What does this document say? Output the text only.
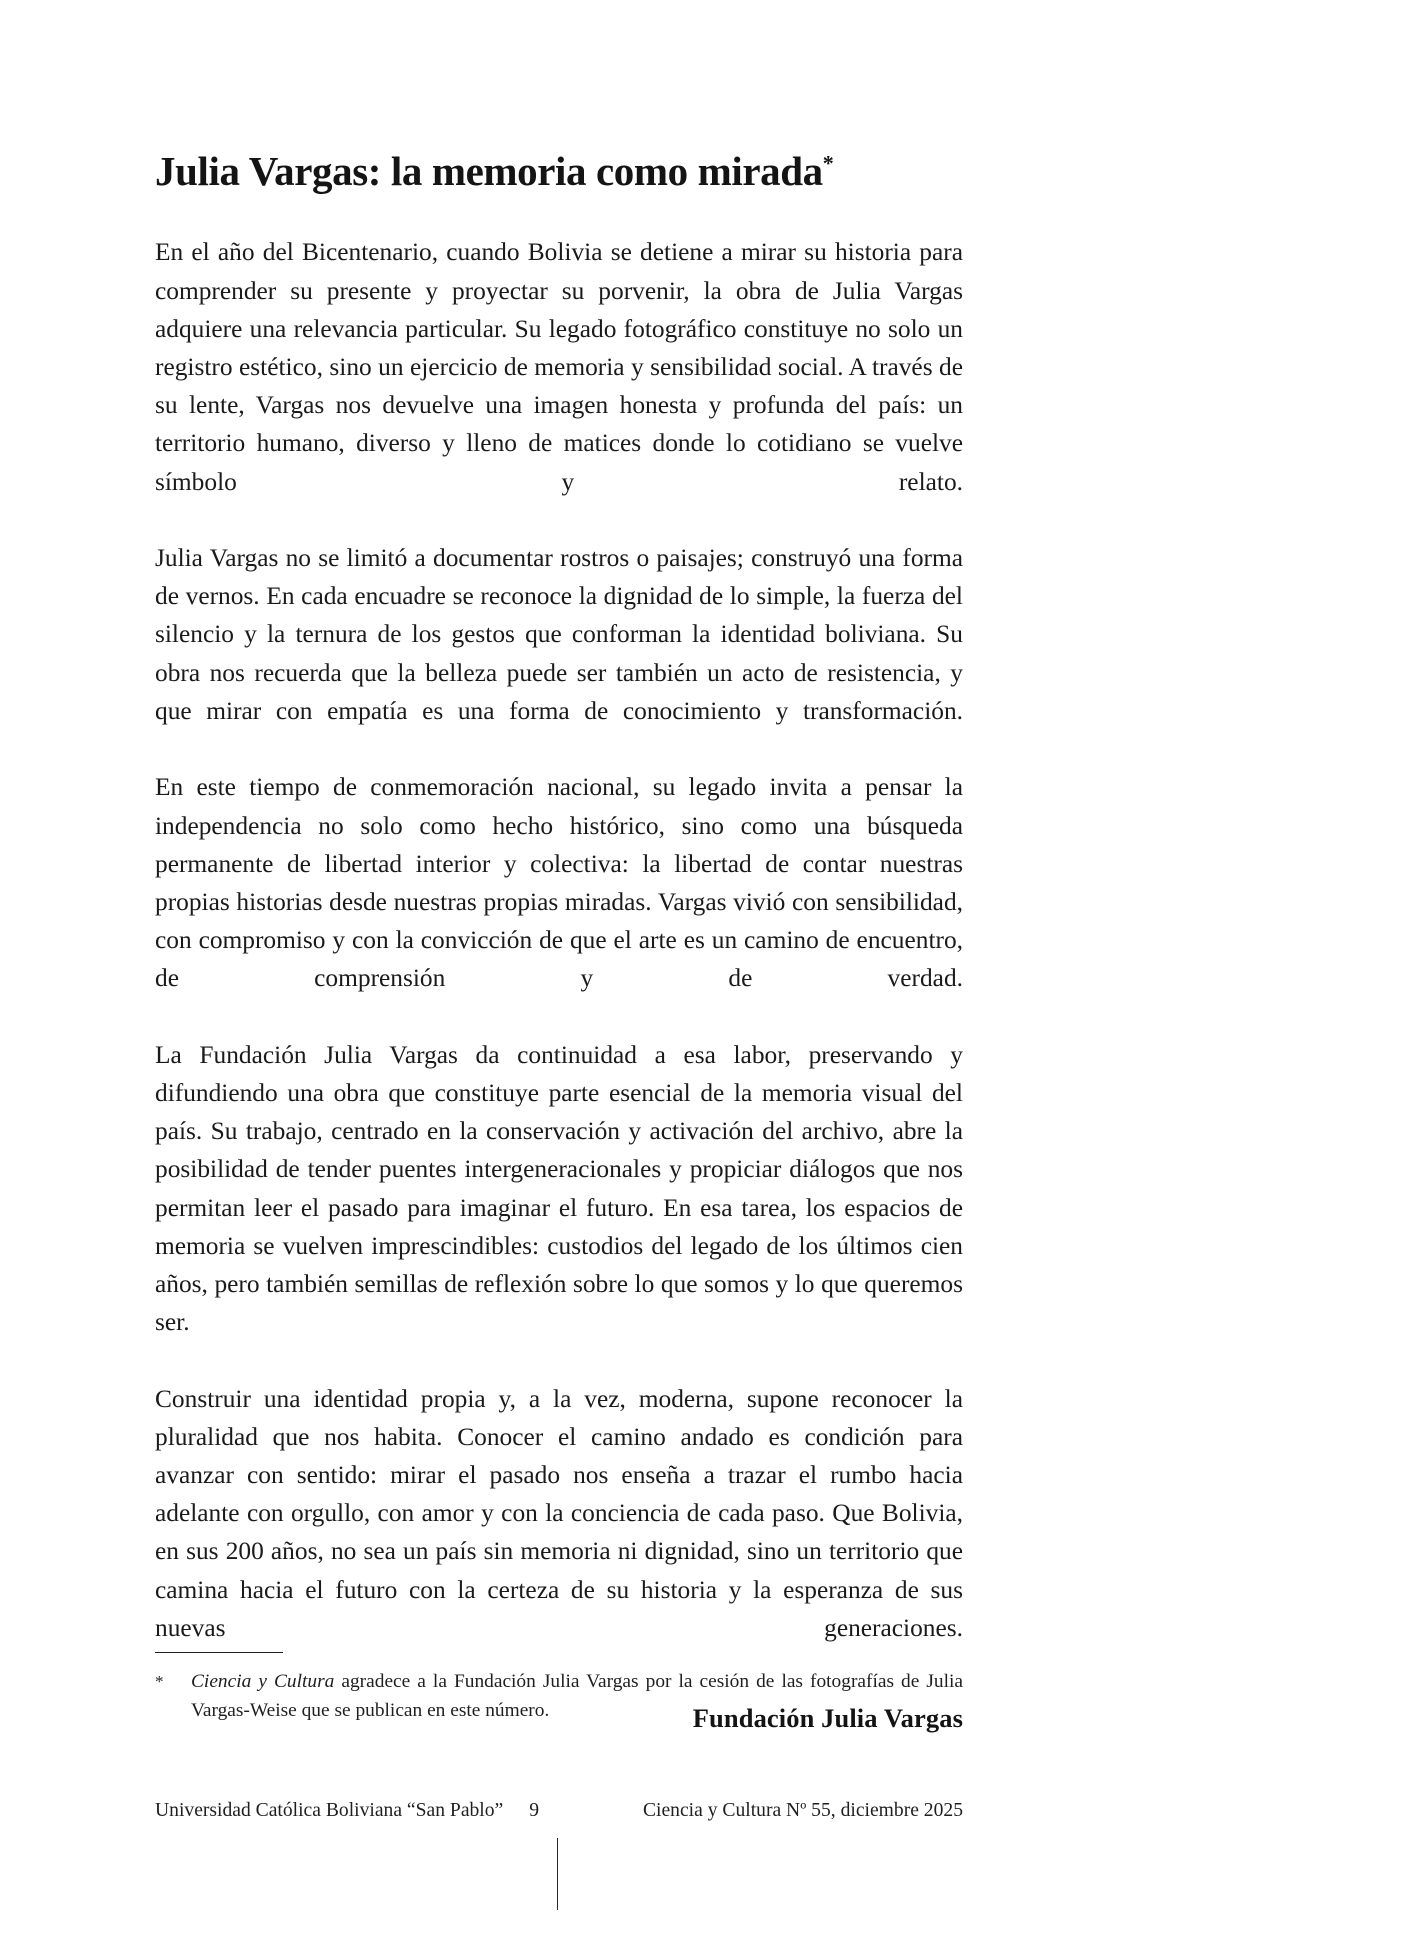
Julia Vargas: la memoria como mirada*

En el año del Bicentenario, cuando Bolivia se detiene a mirar su historia para comprender su presente y proyectar su porvenir, la obra de Julia Vargas adquiere una relevancia particular. Su legado fotográfico constituye no solo un registro estético, sino un ejercicio de memoria y sensibilidad social. A través de su lente, Vargas nos devuelve una imagen honesta y profunda del país: un territorio humano, diverso y lleno de matices donde lo cotidiano se vuelve símbolo y relato.

Julia Vargas no se limitó a documentar rostros o paisajes; construyó una forma de vernos. En cada encuadre se reconoce la dignidad de lo simple, la fuerza del silencio y la ternura de los gestos que conforman la identidad boliviana. Su obra nos recuerda que la belleza puede ser también un acto de resistencia, y que mirar con empatía es una forma de conocimiento y transformación.

En este tiempo de conmemoración nacional, su legado invita a pensar la independencia no solo como hecho histórico, sino como una búsqueda permanente de libertad interior y colectiva: la libertad de contar nuestras propias historias desde nuestras propias miradas. Vargas vivió con sensibilidad, con compromiso y con la convicción de que el arte es un camino de encuentro, de comprensión y de verdad.

La Fundación Julia Vargas da continuidad a esa labor, preservando y difundiendo una obra que constituye parte esencial de la memoria visual del país. Su trabajo, centrado en la conservación y activación del archivo, abre la posibilidad de tender puentes intergeneracionales y propiciar diálogos que nos permitan leer el pasado para imaginar el futuro. En esa tarea, los espacios de memoria se vuelven imprescindibles: custodios del legado de los últimos cien años, pero también semillas de reflexión sobre lo que somos y lo que queremos ser.

Construir una identidad propia y, a la vez, moderna, supone reconocer la pluralidad que nos habita. Conocer el camino andado es condición para avanzar con sentido: mirar el pasado nos enseña a trazar el rumbo hacia adelante con orgullo, con amor y con la conciencia de cada paso. Que Bolivia, en sus 200 años, no sea un país sin memoria ni dignidad, sino un territorio que camina hacia el futuro con la certeza de su historia y la esperanza de sus nuevas generaciones.

Fundación Julia Vargas
*	Ciencia y Cultura agradece a la Fundación Julia Vargas por la cesión de las fotografías de Julia Vargas-Weise que se publican en este número.
Universidad Católica Boliviana “San Pablo”	9	Ciencia y Cultura Nº 55, diciembre 2025
